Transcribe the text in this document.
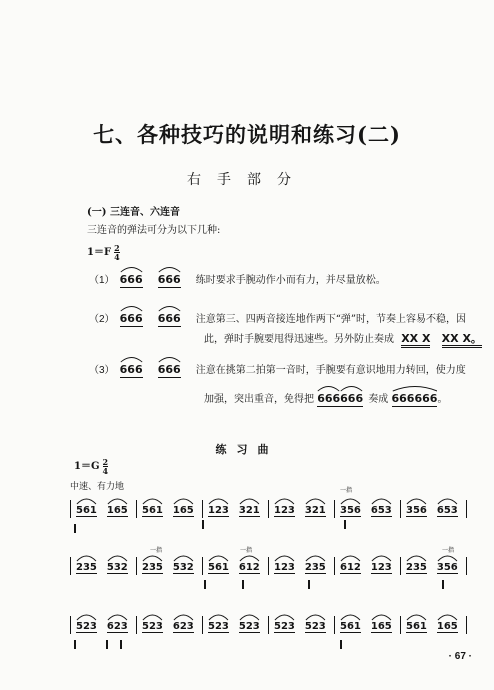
七、各种技巧的说明和练习(二)
右手部分
(一) 三连音、六连音
三连音的弹法可分为以下几种:
$1=F \frac{2}{4}$
（1） 666 666 练时要求手腕动作小而有力，并尽量放松。
（2） 666 666 注意第三、四两音接连地作两下“弹”时，节奏上容易不稳，因
此，弹时手腕要甩得迅速些。另外防止奏成 XX X XX X。
（3） 666 666 注意在挑第二拍第一音时，手腕要有意识地用力转回，使力度
加强，突出重音，免得把 666666 奏成 666666。
练习曲
$1=G \frac{2}{4}$
中速、有力地
561 165 561 165 123 321 123 321 356 653 356 653
235 532 235 532 561 612 123 235 612 123 235 356
523 623 523 623 523 523 523 523 561 165 561 165
一指
一指
一指	一指
· 67 ·
